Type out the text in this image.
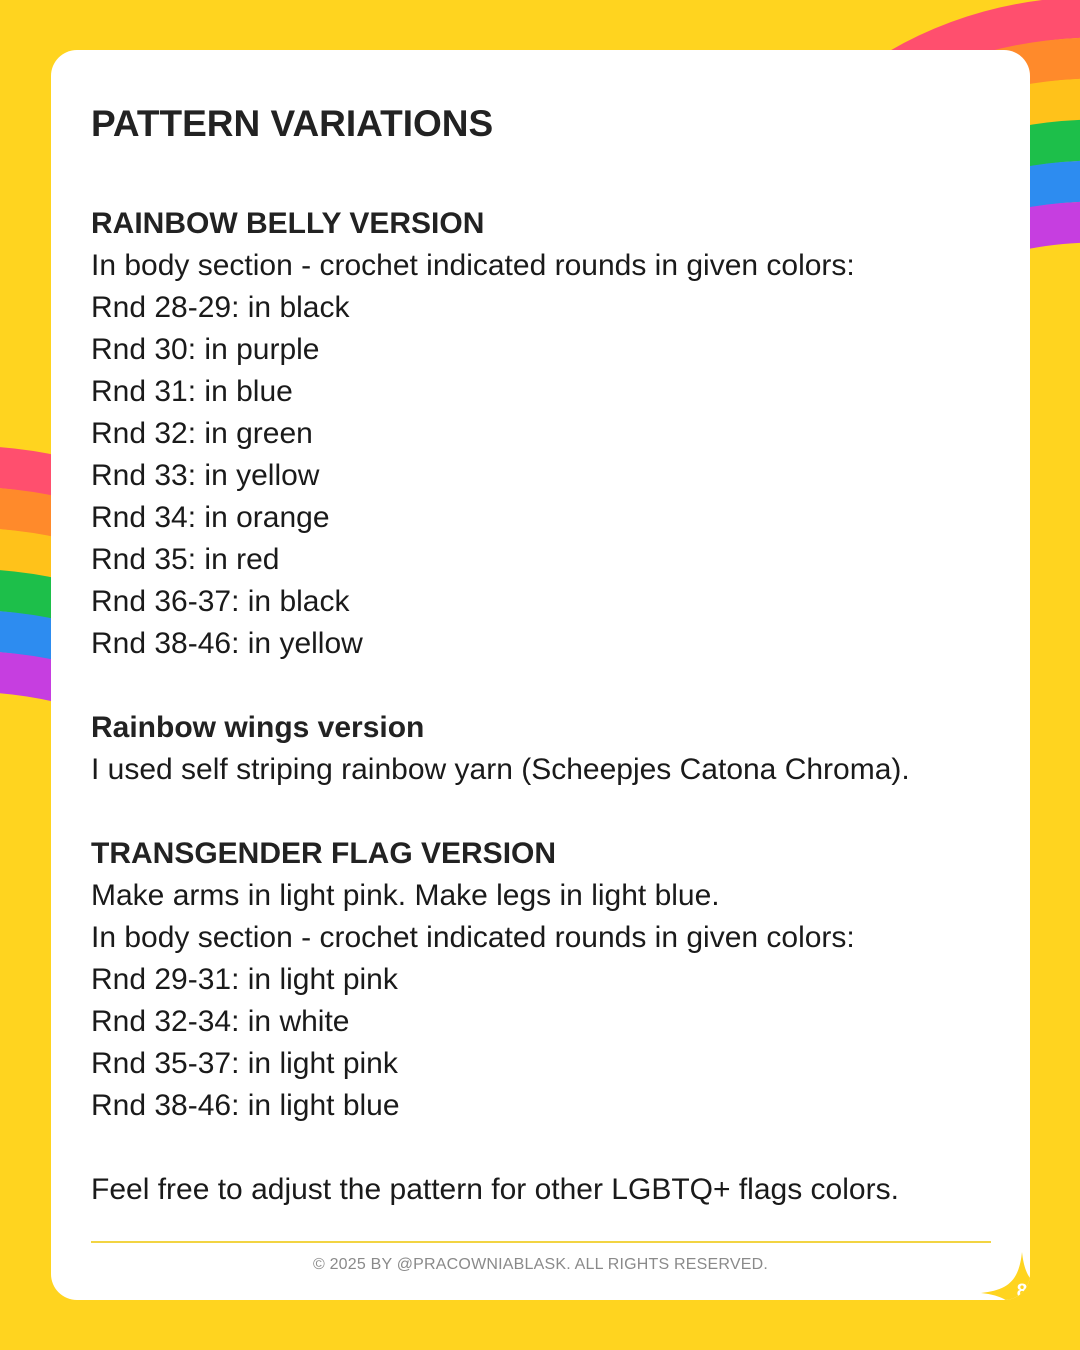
PATTERN VARIATIONS
RAINBOW BELLY VERSION
In body section - crochet indicated rounds in given colors:
Rnd 28-29: in black
Rnd 30: in purple
Rnd 31: in blue
Rnd 32: in green
Rnd 33: in yellow
Rnd 34: in orange
Rnd 35: in red
Rnd 36-37: in black
Rnd 38-46: in yellow
Rainbow wings version
I used self striping rainbow yarn (Scheepjes Catona Chroma).
TRANSGENDER FLAG VERSION
Make arms in light pink. Make legs in light blue.
In body section - crochet indicated rounds in given colors:
Rnd 29-31: in light pink
Rnd 32-34: in white
Rnd 35-37: in light pink
Rnd 38-46: in light blue
Feel free to adjust the pattern for other LGBTQ+ flags colors.
© 2025 BY @PRACOWNIABLASK. ALL RIGHTS RESERVED.
8
